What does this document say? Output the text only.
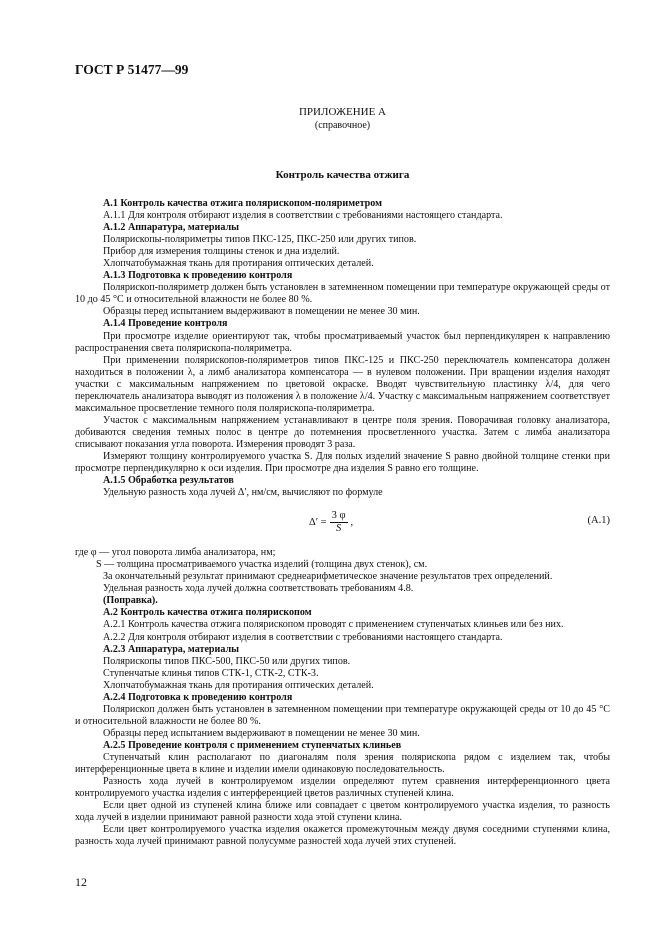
ГОСТ Р 51477—99
ПРИЛОЖЕНИЕ А
(справочное)
Контроль качества отжига

А.1 Контроль качества отжига полярископом-поляриметром

А.1.1 Для контроля отбирают изделия в соответствии с требованиями настоящего стандарта.

А.1.2 Аппаратура, материалы

Полярископы-поляриметры типов ПКС-125, ПКС-250 или других типов.

Прибор для измерения толщины стенок и дна изделий.

Хлопчатобумажная ткань для протирания оптических деталей.

А.1.3 Подготовка к проведению контроля

Полярископ-поляриметр должен быть установлен в затемненном помещении при температуре окружающей среды от 10 до 45 °С и относительной влажности не более 80 %.

Образцы перед испытанием выдерживают в помещении не менее 30 мин.

А.1.4 Проведение контроля

При просмотре изделие ориентируют так, чтобы просматриваемый участок был перпендикулярен к направлению распространения света полярископа-поляриметра.

При применении полярископов-поляриметров типов ПКС-125 и ПКС-250 переключатель компенсатора должен находиться в положении λ, а лимб анализатора компенсатора — в нулевом положении. При вращении изделия находят участки с максимальным напряжением по цветовой окраске. Вводят чувствительную пластинку λ/4, для чего переключатель анализатора выводят из положения λ в положение λ/4. Участку с максимальным напряжением соответствует максимальное просветление темного поля полярископа-поляриметра.

Участок с максимальным напряжением устанавливают в центре поля зрения. Поворачивая головку анализатора, добиваются сведения темных полос в центре до потемнения просветленного участка. Затем с лимба анализатора списывают показания угла поворота. Измерения проводят 3 раза.

Измеряют толщину контролируемого участка S. Для полых изделий значение S равно двойной толщине стенки при просмотре перпендикулярно к оси изделия. При просмотре дна изделия S равно его толщине.

А.1.5 Обработка результатов

Удельную разность хода лучей Δ′, нм/см, вычисляют по формуле

$\Delta' = \frac{3 \varphi}{S}$ ,	(А.1)

где φ — угол поворота лимба анализатора, нм;

S — толщина просматриваемого участка изделий (толщина двух стенок), см.

За окончательный результат принимают среднеарифметическое значение результатов трех определений.

Удельная разность хода лучей должна соответствовать требованиям 4.8.

(Поправка).

А.2 Контроль качества отжига полярископом

А.2.1 Контроль качества отжига полярископом проводят с применением ступенчатых клиньев или без них.

А.2.2 Для контроля отбирают изделия в соответствии с требованиями настоящего стандарта.

А.2.3 Аппаратура, материалы

Полярископы типов ПКС-500, ПКС-50 или других типов.

Ступенчатые клинья типов СТК-1, СТК-2, СТК-3.

Хлопчатобумажная ткань для протирания оптических деталей.

А.2.4 Подготовка к проведению контроля

Полярископ должен быть установлен в затемненном помещении при температуре окружающей среды от 10 до 45 °С и относительной влажности не более 80 %.

Образцы перед испытанием выдерживают в помещении не менее 30 мин.

А.2.5 Проведение контроля с применением ступенчатых клиньев

Ступенчатый клин располагают по диагоналям поля зрения полярископа рядом с изделием так, чтобы интерференционные цвета в клине и изделии имели одинаковую последовательность.

Разность хода лучей в контролируемом изделии определяют путем сравнения интерференционного цвета контролируемого участка изделия с интерференцией цветов различных ступеней клина.

Если цвет одной из ступеней клина ближе или совпадает с цветом контролируемого участка изделия, то разность хода лучей в изделии принимают равной разности хода этой ступени клина.

Если цвет контролируемого участка изделия окажется промежуточным между двумя соседними ступенями клина, разность хода лучей принимают равной полусумме разностей хода лучей этих ступеней.

12
